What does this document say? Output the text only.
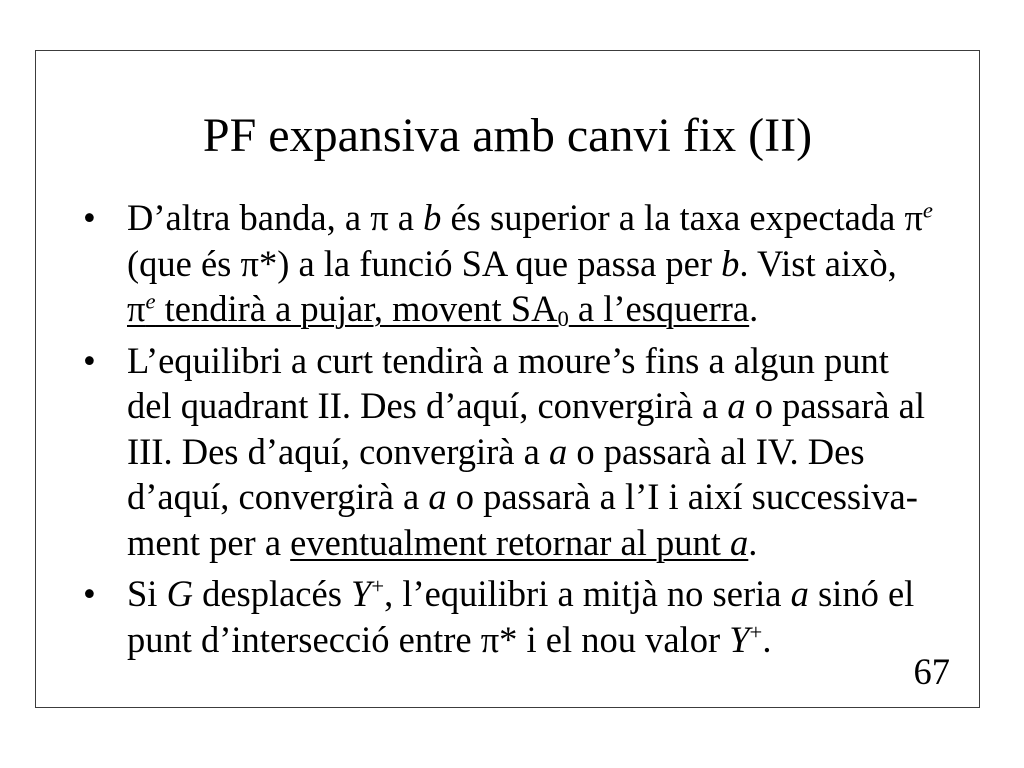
PF expansiva amb canvi fix (II)
• D’altra banda, a π a b és superior a la taxa expectada $\pi^e$
(que és π*) a la funció SA que passa per b. Vist això,
$\pi^e$ tendirà a pujar, movent $SA_0$ a l’esquerra.
• L’equilibri a curt tendirà a moure’s fins a algun punt
del quadrant II. Des d’aquí, convergirà a a o passarà al
III. Des d’aquí, convergirà a a o passarà al IV. Des
d’aquí, convergirà a a o passarà a l’I i així successiva-
ment per a eventualment retornar al punt a.
• Si G desplacés Y+, l’equilibri a mitjà no seria a sinó el
punt d’intersecció entre π* i el nou valor Y+.
67
